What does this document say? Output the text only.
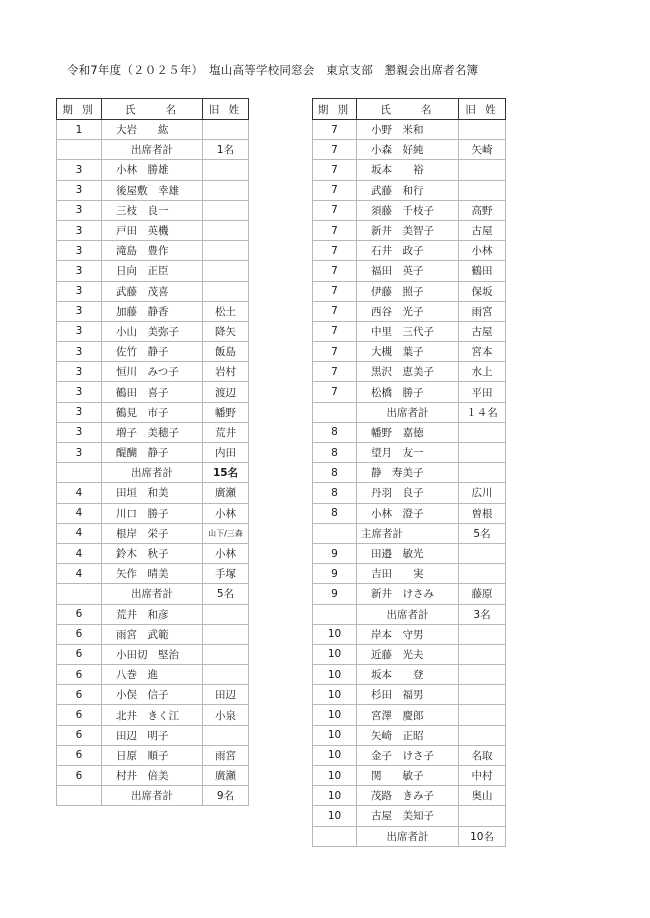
令和7年度（２０２５年）　塩山高等学校同窓会　東京支部　懇親会出席者名簿
期 別	氏　　名	旧 姓
1	大岩　　紘	
	出席者計	1名
3	小林　勝雄	
3	後屋敷　幸雄	
3	三枝　良一	
3	戸田　英機	
3	滝島　豊作	
3	日向　正臣	
3	武藤　茂喜	
3	加藤　静香	松土
3	小山　美弥子	降矢
3	佐竹　静子	飯島
3	恒川　みつ子	岩村
3	鶴田　喜子	渡辺
3	鶴見　市子	幡野
3	増子　美穂子	荒井
3	醍醐　静子	内田
	出席者計	15名
4	田垣　和美	廣瀬
4	川口　勝子	小林
4	根岸　栄子	山下/三森
4	鈴木　秋子	小林
4	矢作　晴美	手塚
	出席者計	5名
6	荒井　和彦	
6	雨宮　武範	
6	小田切　堅治	
6	八巻　進	
6	小俣　信子	田辺
6	北井　きく江	小泉
6	田辺　明子	
6	日原　順子	雨宮
6	村井　倍美	廣瀬
	出席者計	9名
期 別	氏　　名	旧 姓
7	小野　米和	
7	小森　好純	矢崎
7	坂本　　裕	
7	武藤　和行	
7	須藤　千枝子	高野
7	新井　美智子	古屋
7	石井　政子	小林
7	福田　英子	鶴田
7	伊藤　照子	保坂
7	西谷　光子	雨宮
7	中里　三代子	古屋
7	大槻　葉子	宮本
7	黒沢　恵美子	水上
7	松橋　勝子	平田
	出席者計	１４名
8	幡野　嘉徳	
8	望月　友一	
8	静　寿美子	
8	丹羽　良子	広川
8	小林　澄子	曽根
	主席者計	5名
9	田邉　敏光	
9	吉田　　実	
9	新井　けさみ	藤原
	出席者計	3名
10	岸本　守男	
10	近藤　光夫	
10	坂本　　登	
10	杉田　福男	
10	宮澤　慶郎	
10	矢崎　正昭	
10	金子　けさ子	名取
10	関　　敏子	中村
10	茂路　きみ子	奥山
10	古屋　美知子	
	出席者計	10名
